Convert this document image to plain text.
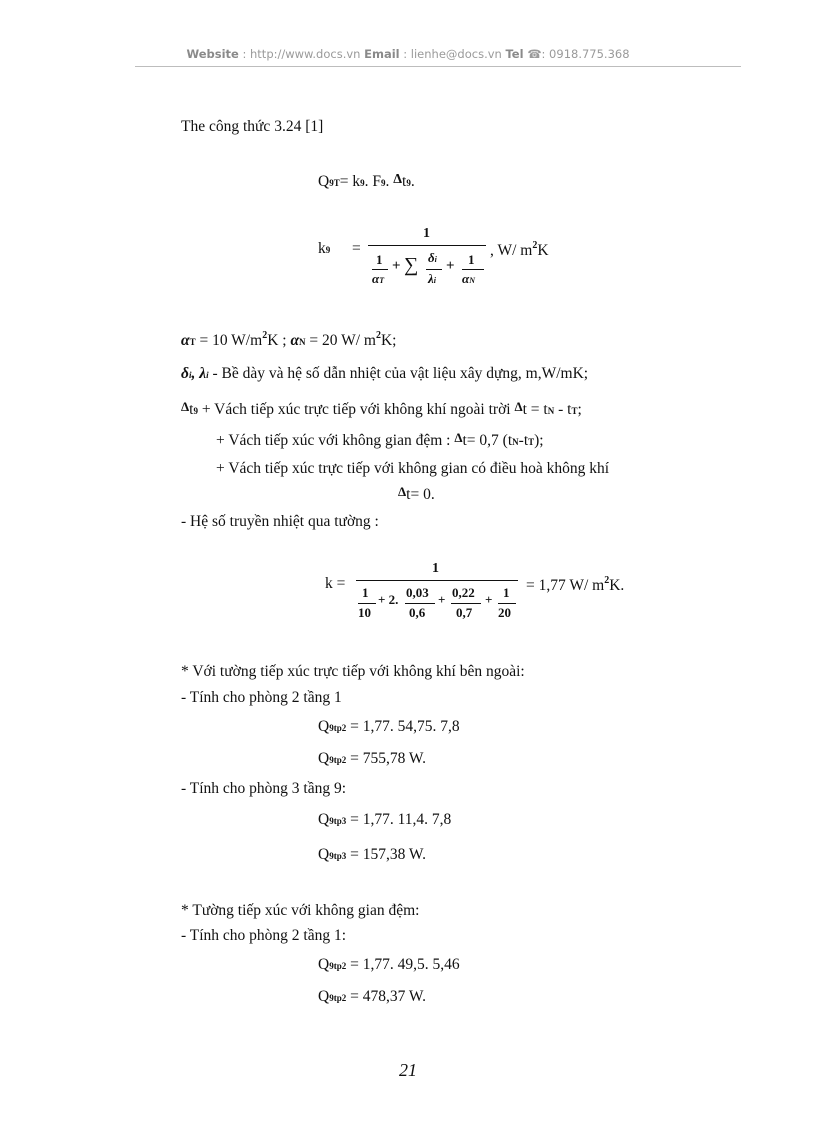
Website : http://www.docs.vn Email : lienhe@docs.vn Tel ☎: 0918.775.368
The công thức 3.24 [1]
Q9T= k9. F9. Δt9.
k9 =
1
1
αT
+ ∑ δi
λi
+ 1
αN
, W/ $m^2K$
αT = 10 $W/m^2K$ ; αN = 20 W/ $m^2K$;
δi, λi - Bề dày và hệ số dẫn nhiệt của vật liệu xây dựng, m,W/mK;
Δt9 + Vách tiếp xúc trực tiếp với không khí ngoài trời Δt = tN - tT;
+ Vách tiếp xúc với không gian đệm : Δt= 0,7 (tN-tT);
+ Vách tiếp xúc trực tiếp với không gian có điều hoà không khí
Δt= 0.
- Hệ số truyền nhiệt qua tường :
k =
1
1
10
+ 2. 0,03
0,6
+ 0,22
0,7
+ 1
20
= 1,77 W/ $m^2K$.
* Với tường tiếp xúc trực tiếp với không khí bên ngoài:
- Tính cho phòng 2 tầng 1
Q9tp2 = 1,77. 54,75. 7,8
Q9tp2 = 755,78 W.
- Tính cho phòng 3 tầng 9:
Q9tp3 = 1,77. 11,4. 7,8
Q9tp3 = 157,38 W.
* Tường tiếp xúc với không gian đệm:
- Tính cho phòng 2 tầng 1:
Q9tp2 = 1,77. 49,5. 5,46
Q9tp2 = 478,37 W.
21
